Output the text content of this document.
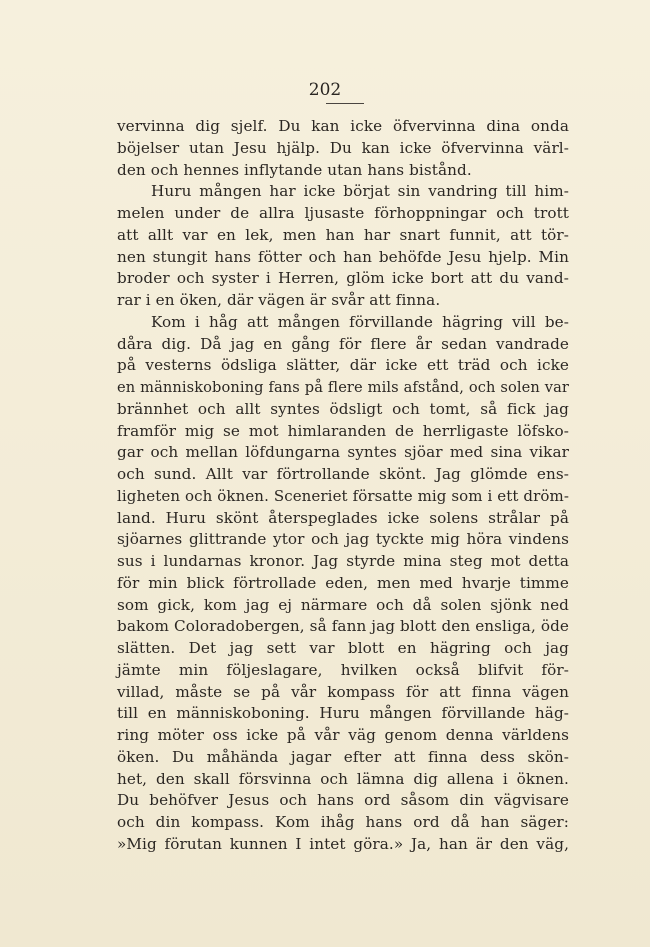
202
vervinna dig sjelf. Du kan icke öfvervinna dina onda
böjelser utan Jesu hjälp. Du kan icke öfvervinna värl-
den och hennes inflytande utan hans bistånd.
Huru mången har icke börjat sin vandring till him-
melen under de allra ljusaste förhoppningar och trott
att allt var en lek, men han har snart funnit, att tör-
nen stungit hans fötter och han behöfde Jesu hjelp. Min
broder och syster i Herren, glöm icke bort att du vand-
rar i en öken, där vägen är svår att finna.
Kom i håg att mången förvillande hägring vill be-
dåra dig. Då jag en gång för flere år sedan vandrade
på vesterns ödsliga slätter, där icke ett träd och icke
en människoboning fans på flere mils afstånd, och solen var
brännhet och allt syntes ödsligt och tomt, så fick jag
framför mig se mot himlaranden de herrligaste löfsko-
gar och mellan löfdungarna syntes sjöar med sina vikar
och sund. Allt var förtrollande skönt. Jag glömde ens-
ligheten och öknen. Sceneriet försatte mig som i ett dröm-
land. Huru skönt återspeglades icke solens strålar på
sjöarnes glittrande ytor och jag tyckte mig höra vindens
sus i lundarnas kronor. Jag styrde mina steg mot detta
för min blick förtrollade eden, men med hvarje timme
som gick, kom jag ej närmare och då solen sjönk ned
bakom Coloradobergen, så fann jag blott den ensliga, öde
slätten. Det jag sett var blott en hägring och jag
jämte min följeslagare, hvilken också blifvit för-
villad, måste se på vår kompass för att finna vägen
till en människoboning. Huru mången förvillande häg-
ring möter oss icke på vår väg genom denna världens
öken. Du måhända jagar efter att finna dess skön-
het, den skall försvinna och lämna dig allena i öknen.
Du behöfver Jesus och hans ord såsom din vägvisare
och din kompass. Kom ihåg hans ord då han säger:
»Mig förutan kunnen I intet göra.» Ja, han är den väg,
